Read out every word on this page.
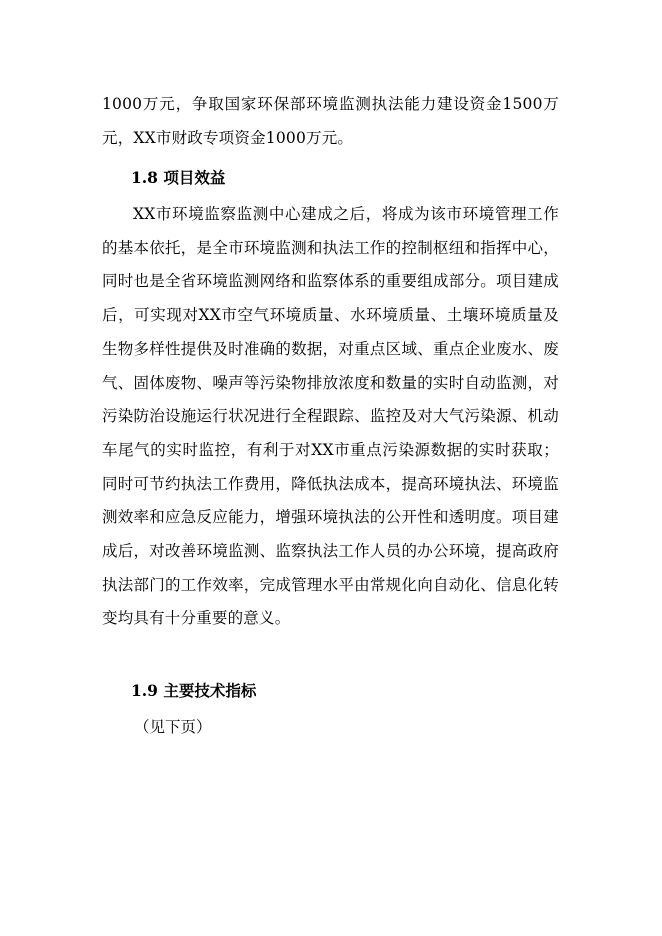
1000万元，争取国家环保部环境监测执法能力建设资金1500万元，XX市财政专项资金1000万元。

1.8 项目效益

XX市环境监察监测中心建成之后，将成为该市环境管理工作的基本依托，是全市环境监测和执法工作的控制枢纽和指挥中心，同时也是全省环境监测网络和监察体系的重要组成部分。项目建成后，可实现对XX市空气环境质量、水环境质量、土壤环境质量及生物多样性提供及时准确的数据，对重点区域、重点企业废水、废气、固体废物、噪声等污染物排放浓度和数量的实时自动监测，对污染防治设施运行状况进行全程跟踪、监控及对大气污染源、机动车尾气的实时监控，有利于对XX市重点污染源数据的实时获取；同时可节约执法工作费用，降低执法成本，提高环境执法、环境监测效率和应急反应能力，增强环境执法的公开性和透明度。项目建成后，对改善环境监测、监察执法工作人员的办公环境，提高政府执法部门的工作效率，完成管理水平由常规化向自动化、信息化转变均具有十分重要的意义。

1.9 主要技术指标

（见下页）
